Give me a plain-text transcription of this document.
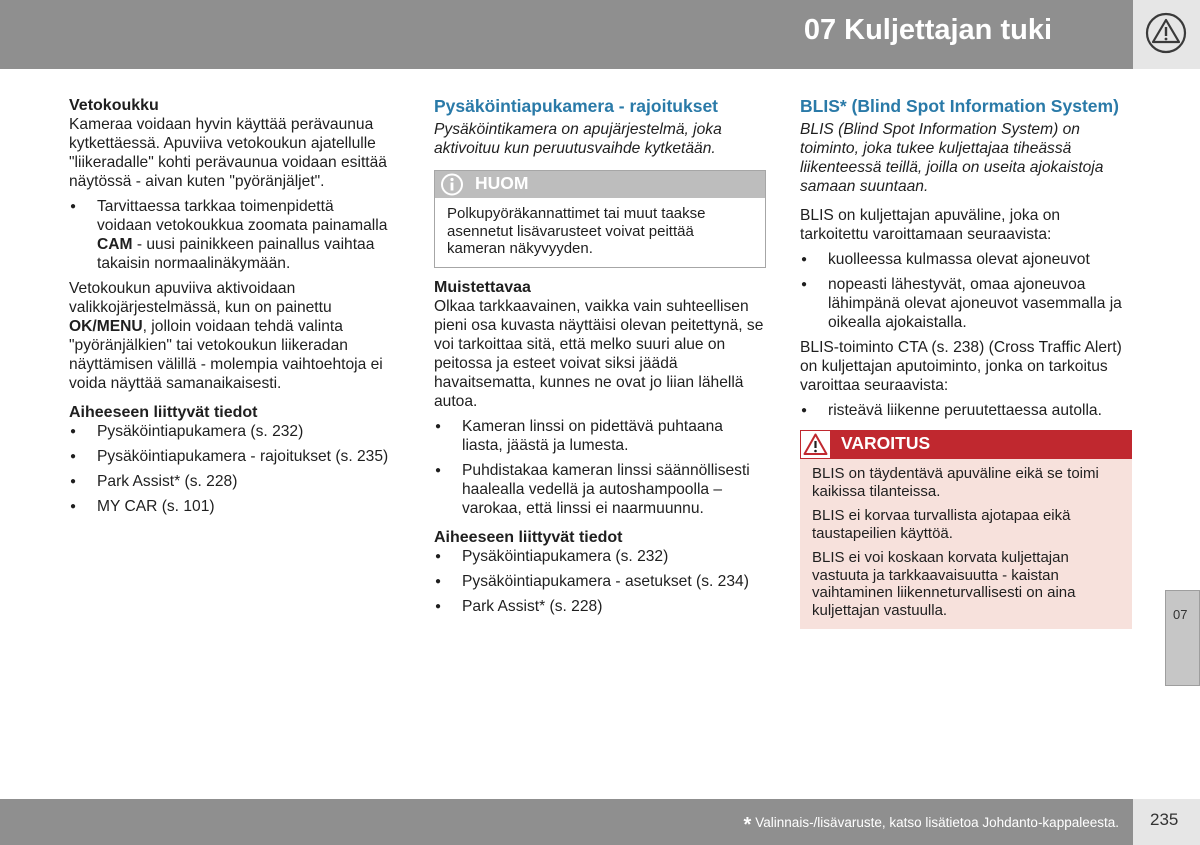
07 Kuljettajan tuki
Vetokoukku

Kameraa voidaan hyvin käyttää perävaunua kytkettäessä. Apuviiva vetokoukun ajatellulle "liikeradalle" kohti perävaunua voidaan esittää näytössä - aivan kuten "pyöränjäljet".

● Tarvittaessa tarkkaa toimenpidettä voidaan vetokoukkua zoomata painamalla CAM - uusi painikkeen painallus vaihtaa takaisin normaalinäkymään.

Vetokoukun apuviiva aktivoidaan valikkojärjestelmässä, kun on painettu OK/MENU, jolloin voidaan tehdä valinta "pyöränjälkien" tai vetokoukun liikeradan näyttämisen välillä - molempia vaihtoehtoja ei voida näyttää samanaikaisesti.

Aiheeseen liittyvät tiedot
● Pysäköintiapukamera (s. 232)
● Pysäköintiapukamera - rajoitukset (s. 235)
● Park Assist* (s. 228)
● MY CAR (s. 101)
Pysäköintiapukamera - rajoitukset

Pysäköintikamera on apujärjestelmä, joka aktivoituu kun peruutusvaihde kytketään.

HUOM
Polkupyöräkannattimet tai muut taakse asennetut lisävarusteet voivat peittää kameran näkyvyyden.
Muistettavaa

Olkaa tarkkaavainen, vaikka vain suhteellisen pieni osa kuvasta näyttäisi olevan peitettynä, se voi tarkoittaa sitä, että melko suuri alue on peitossa ja esteet voivat siksi jäädä havaitsematta, kunnes ne ovat jo liian lähellä autoa.

● Kameran linssi on pidettävä puhtaana liasta, jäästä ja lumesta.
● Puhdistakaa kameran linssi säännöllisesti haalealla vedellä ja autoshampoolla – varokaa, että linssi ei naarmuunnu.
Aiheeseen liittyvät tiedot
● Pysäköintiapukamera (s. 232)
● Pysäköintiapukamera - asetukset (s. 234)
● Park Assist* (s. 228)
BLIS* (Blind Spot Information System)

BLIS (Blind Spot Information System) on toiminto, joka tukee kuljettajaa tiheässä liikenteessä teillä, joilla on useita ajokaistoja samaan suuntaan.

BLIS on kuljettajan apuväline, joka on tarkoitettu varoittamaan seuraavista:

● kuolleessa kulmassa olevat ajoneuvot
● nopeasti lähestyvät, omaa ajoneuvoa lähimpänä olevat ajoneuvot vasemmalla ja oikealla ajokaistalla.

BLIS-toiminto CTA (s. 238) (Cross Traffic Alert) on kuljettajan aputoiminto, jonka on tarkoitus varoittaa seuraavista:

● risteävä liikenne peruutettaessa autolla.
VAROITUS

BLIS on täydentävä apuväline eikä se toimi kaikissa tilanteissa.

BLIS ei korvaa turvallista ajotapaa eikä taustapeilien käyttöä.

BLIS ei voi koskaan korvata kuljettajan vastuuta ja tarkkaavaisuutta - kaistan vaihtaminen liikenneturvallisesti on aina kuljettajan vastuulla.	07
* Valinnais-/lisävaruste, katso lisätietoa Johdanto-kappaleesta. 235
